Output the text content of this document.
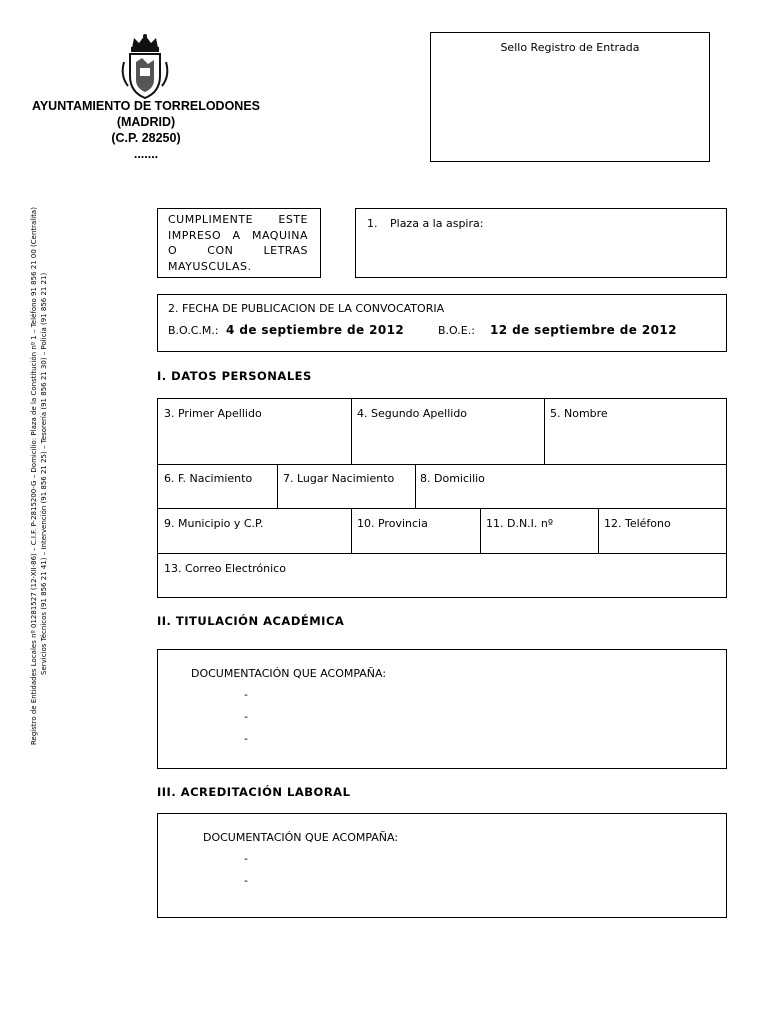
AYUNTAMIENTO DE TORRELODONES
(MADRID)
(C.P. 28250)
.......
Registro de Entidades Locales nº 01281527 (12-XII-86) – C.I.F. P-2815200-G – Domicilio: Plaza de la Constitución nº 1 – Teléfono 91 856 21 00 (Centralita) Servicios Técnicos (91 856 21 41) – Intervención (91 856 21 25) – Tesorería (91 856 21 30) – Policía (91 856 21 21)
Sello Registro de Entrada
CUMPLIMENTE ESTE
IMPRESO A MAQUINA
O CON LETRAS
MAYUSCULAS.
1. Plaza a la aspira:
2. FECHA DE PUBLICACION DE LA CONVOCATORIA
B.O.C.M.: 4 de septiembre de 2012	B.O.E.: 12 de septiembre de 2012
I. DATOS PERSONALES
3. Primer Apellido	4. Segundo Apellido	5. Nombre
6. F. Nacimiento	7. Lugar Nacimiento 8. Domicilio
9. Municipio y C.P.	10. Provincia	11. D.N.I. nº	12. Teléfono
13. Correo Electrónico
II. TITULACIÓN ACADÉMICA
DOCUMENTACIÓN QUE ACOMPAÑA:
-
-
-
III. ACREDITACIÓN LABORAL
DOCUMENTACIÓN QUE ACOMPAÑA:
-
-
